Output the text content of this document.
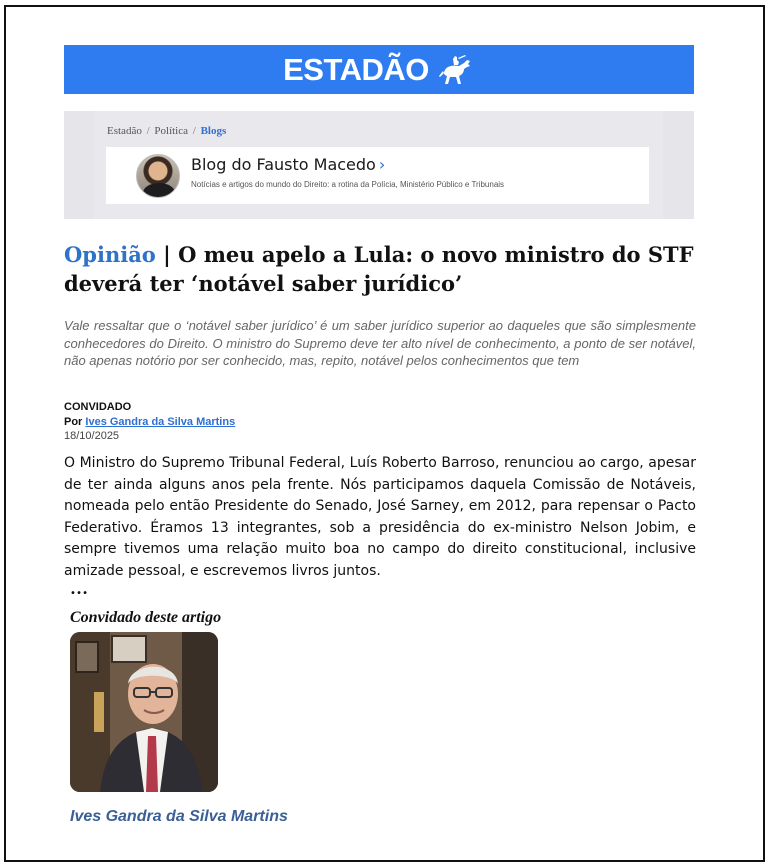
ESTADÃO
Estadão / Política / Blogs
Blog do Fausto Macedo ›
Notícias e artigos do mundo do Direito: a rotina da Polícia, Ministério Público e Tribunais
Opinião | O meu apelo a Lula: o novo ministro do STF deverá ter ‘notável saber jurídico’

Vale ressaltar que o ‘notável saber jurídico’ é um saber jurídico superior ao daqueles que são simplesmente conhecedores do Direito. O ministro do Supremo deve ter alto nível de conhecimento, a ponto de ser notável, não apenas notório por ser conhecido, mas, repito, notável pelos conhecimentos que tem

CONVIDADO
Por Ives Gandra da Silva Martins
18/10/2025

O Ministro do Supremo Tribunal Federal, Luís Roberto Barroso, renunciou ao cargo, apesar de ter ainda alguns anos pela frente. Nós participamos daquela Comissão de Notáveis, nomeada pelo então Presidente do Senado, José Sarney, em 2012, para repensar o Pacto Federativo. Éramos 13 integrantes, sob a presidência do ex-ministro Nelson Jobim, e sempre tivemos uma relação muito boa no campo do direito constitucional, inclusive amizade pessoal, e escrevemos livros juntos.

…
Convidado deste artigo
Ives Gandra da Silva Martins
